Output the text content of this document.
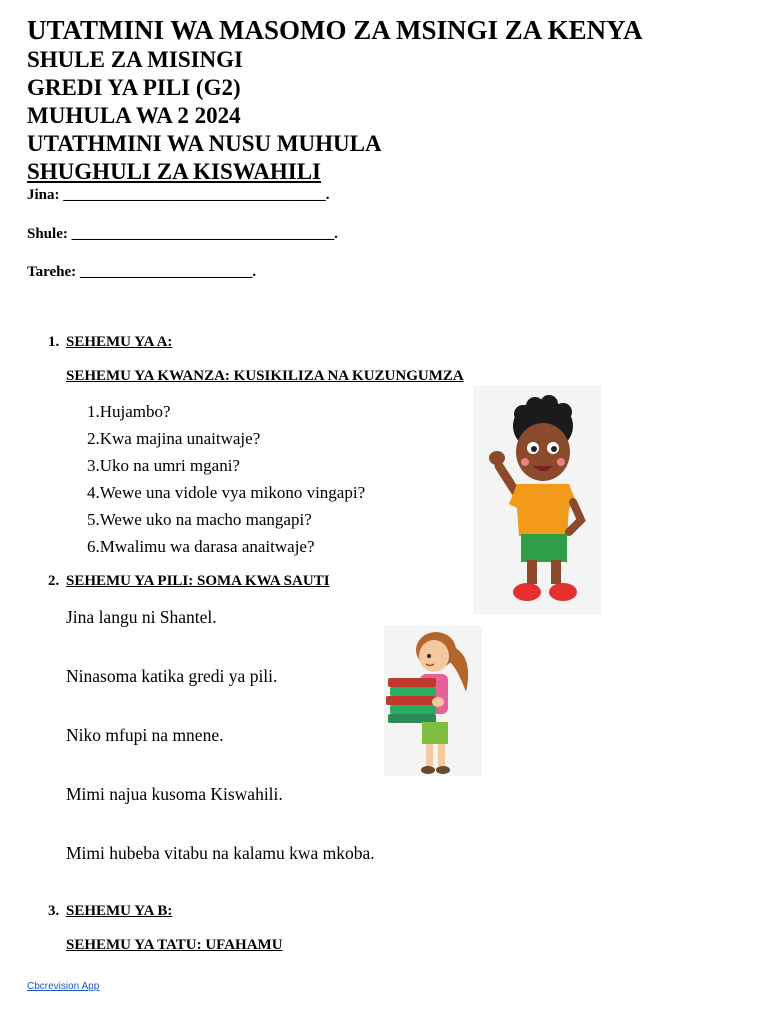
UTATMINI WA MASOMO ZA MSINGI ZA KENYA
SHULE ZA MISINGI
GREDI YA PILI (G2)
MUHULA WA 2 2024
UTATHMINI WA NUSU MUHULA
SHUGHULI ZA KISWAHILI
Jina: ___________________________________.
Shule: ___________________________________.
Tarehe: _______________________.
1. SEHEMU YA A:
SEHEMU YA KWANZA: KUSIKILIZA NA KUZUNGUMZA
1.Hujambo?
2.Kwa majina unaitwaje?
3.Uko na umri mgani?
4.Wewe una vidole vya mikono vingapi?
5.Wewe uko na macho mangapi?
6.Mwalimu wa darasa anaitwaje?
2. SEHEMU YA PILI: SOMA KWA SAUTI
Jina langu ni Shantel.
Ninasoma katika gredi ya pili.
Niko mfupi na mnene.
Mimi najua kusoma Kiswahili.
Mimi hubeba vitabu na kalamu kwa mkoba.
3. SEHEMU YA B:
SEHEMU YA TATU: UFAHAMU
Cbcrevision App
